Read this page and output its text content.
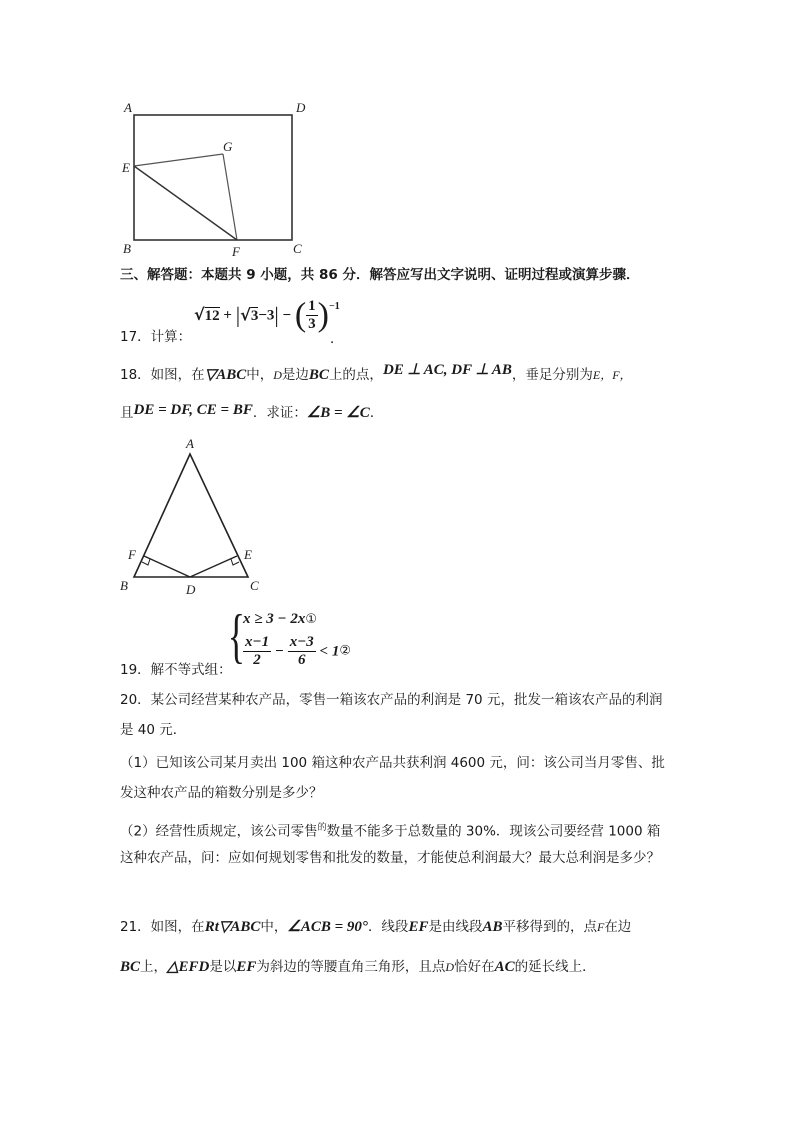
A	D
G
E
B	F	C
三、解答题：本题共 9 小题，共 86 分．解答应写出文字说明、证明过程或演算步骤．
17．计算：
√12 + |√3−3| − ( $\frac{1}{3} )^{-1}$
．
18．如图，在▽ABC中，D是边BC上的点，DE ⊥ AC, DF ⊥ AB，垂足分别为E，F，
且DE = DF, CE = BF．求证：∠B = ∠C．
A
F	E
B	D	C
19．解不等式组：
{
x ≥ 3 − 2x①
$\frac{x-1}{2} - \frac{x-3}{6}$ < 1②
20．某公司经营某种农产品，零售一箱该农产品的利润是 70 元，批发一箱该农产品的利润
是 40 元．
（1）已知该公司某月卖出 100 箱这种农产品共获利润 4600 元，问：该公司当月零售、批
发这种农产品的箱数分别是多少？
（2）经营性质规定，该公司零售$^的$数量不能多于总数量的 30%．现该公司要经营 1000 箱
这种农产品，问：应如何规划零售和批发的数量，才能使总利润最大？最大总利润是多少？
21．如图，在Rt▽ABC中，∠ACB = 90°．线段EF是由线段AB平移得到的，点F在边
BC上，△EFD是以EF为斜边的等腰直角三角形，且点D恰好在AC的延长线上．
